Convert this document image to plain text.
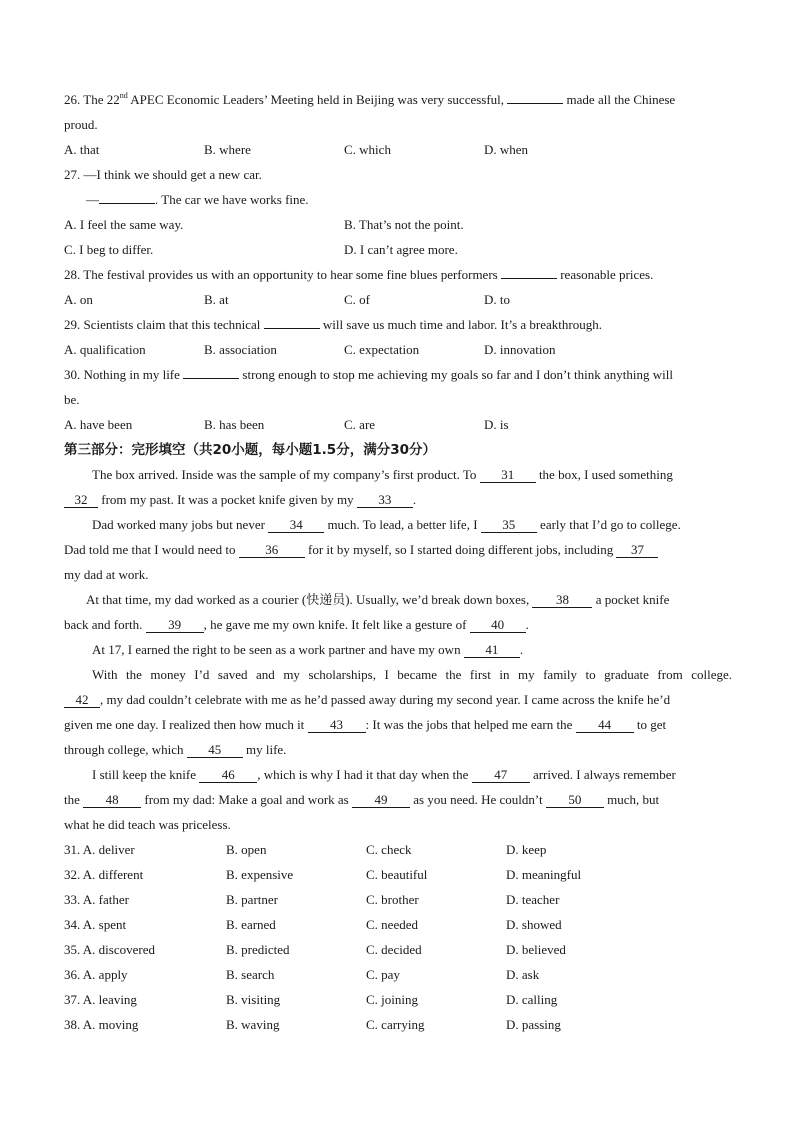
26. The 22nd APEC Economic Leaders’ Meeting held in Beijing was very successful,	made all the Chinese
proud.
A. that	B. where	C. which	D. when
27. —I think we should get a new car.
—	. The car we have works fine.
A. I feel the same way.	B. That’s not the point.
C. I beg to differ.	D. I can’t agree more.
28. The festival provides us with an opportunity to hear some fine blues performers	reasonable prices.
A. on	B. at	C. of	D. to
29. Scientists claim that this technical	will save us much time and labor. It’s a breakthrough.
A. qualification	B. association	C. expectation	D. innovation
30. Nothing in my life	strong enough to stop me achieving my goals so far and I don’t think anything will
be.
A. have been	B. has been	C. are	D. is
第三部分：完形填空（共20小题，每小题1.5分，满分30分）
The box arrived. Inside was the sample of my company’s first product. To 31 the box, I used something
32 from my past. It was a pocket knife given by my 33 .
Dad worked many jobs but never 34 much. To lead, a better life, I 35 early that I’d go to college.
Dad told me that I would need to 36 for it by myself, so I started doing different jobs, including 37
my dad at work.
At that time, my dad worked as a courier (快递员). Usually, we’d break down boxes, 38 a pocket knife
back and forth. 39 , he gave me my own knife. It felt like a gesture of 40 .
At 17, I earned the right to be seen as a work partner and have my own 41 .
With the money I’d saved and my scholarships, I became the first in my family to graduate from college.
42 , my dad couldn’t celebrate with me as he’d passed away during my second year. I came across the knife he’d
given me one day. I realized then how much it 43 : It was the jobs that helped me earn the 44 to get
through college, which 45 my life.
I still keep the knife 46 , which is why I had it that day when the 47 arrived. I always remember
the 48 from my dad: Make a goal and work as 49 as you need. He couldn’t 50 much, but
what he did teach was priceless.
31. A. deliver	B. open	C. check	D. keep
32. A. different	B. expensive	C. beautiful	D. meaningful
33. A. father	B. partner	C. brother	D. teacher
34. A. spent	B. earned	C. needed	D. showed
35. A. discovered	B. predicted	C. decided	D. believed
36. A. apply	B. search	C. pay	D. ask
37. A. leaving	B. visiting	C. joining	D. calling
38. A. moving	B. waving	C. carrying	D. passing
